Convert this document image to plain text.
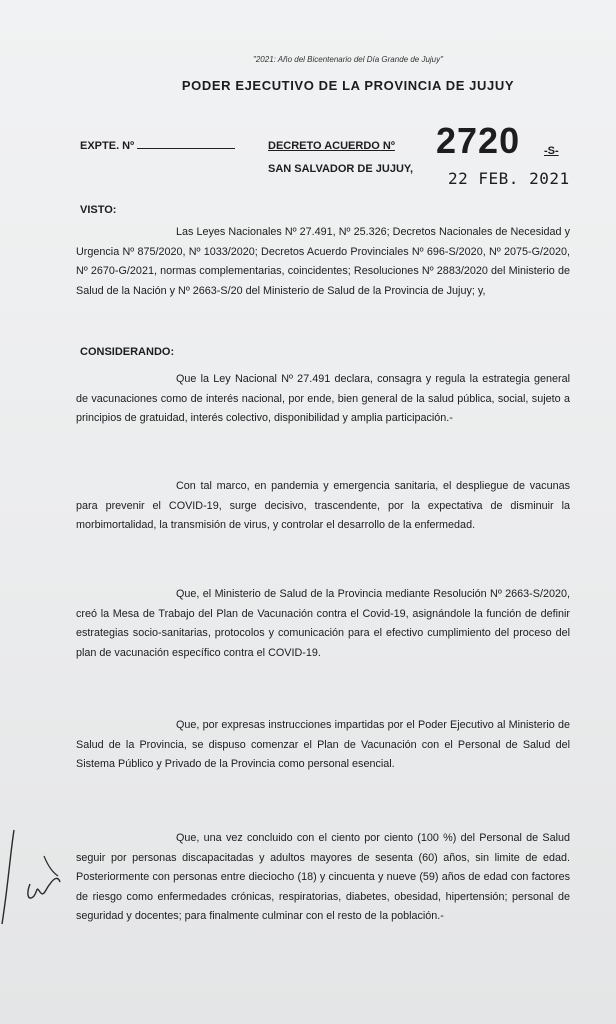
"2021: Año del Bicentenario del Día Grande de Jujuy"
PODER EJECUTIVO DE LA PROVINCIA DE JUJUY
EXPTE. Nº	DECRETO ACUERDO Nº 2720 -S-
SAN SALVADOR DE JUJUY, 22 FEB. 2021
VISTO:

Las Leyes Nacionales Nº 27.491, Nº 25.326; Decretos Nacionales de Necesidad y Urgencia Nº 875/2020, Nº 1033/2020; Decretos Acuerdo Provinciales Nº 696-S/2020, Nº 2075-G/2020, Nº 2670-G/2021, normas complementarias, coincidentes; Resoluciones Nº 2883/2020 del Ministerio de Salud de la Nación y Nº 2663-S/20 del Ministerio de Salud de la Provincia de Jujuy; y,

CONSIDERANDO:

Que la Ley Nacional Nº 27.491 declara, consagra y regula la estrategia general de vacunaciones como de interés nacional, por ende, bien general de la salud pública, social, sujeto a principios de gratuidad, interés colectivo, disponibilidad y amplia participación.-

Con tal marco, en pandemia y emergencia sanitaria, el despliegue de vacunas para prevenir el COVID-19, surge decisivo, trascendente, por la expectativa de disminuir la morbimortalidad, la transmisión de virus, y controlar el desarrollo de la enfermedad.

Que, el Ministerio de Salud de la Provincia mediante Resolución Nº 2663-S/2020, creó la Mesa de Trabajo del Plan de Vacunación contra el Covid-19, asignándole la función de definir estrategias socio-sanitarias, protocolos y comunicación para el efectivo cumplimiento del proceso del plan de vacunación específico contra el COVID-19.

Que, por expresas instrucciones impartidas por el Poder Ejecutivo al Ministerio de Salud de la Provincia, se dispuso comenzar el Plan de Vacunación con el Personal de Salud del Sistema Público y Privado de la Provincia como personal esencial.

Que, una vez concluido con el ciento por ciento (100 %) del Personal de Salud seguir por personas discapacitadas y adultos mayores de sesenta (60) años, sin limite de edad. Posteriormente con personas entre dieciocho (18) y cincuenta y nueve (59) años de edad con factores de riesgo como enfermedades crónicas, respiratorias, diabetes, obesidad, hipertensión; personal de seguridad y docentes; para finalmente culminar con el resto de la población.-
